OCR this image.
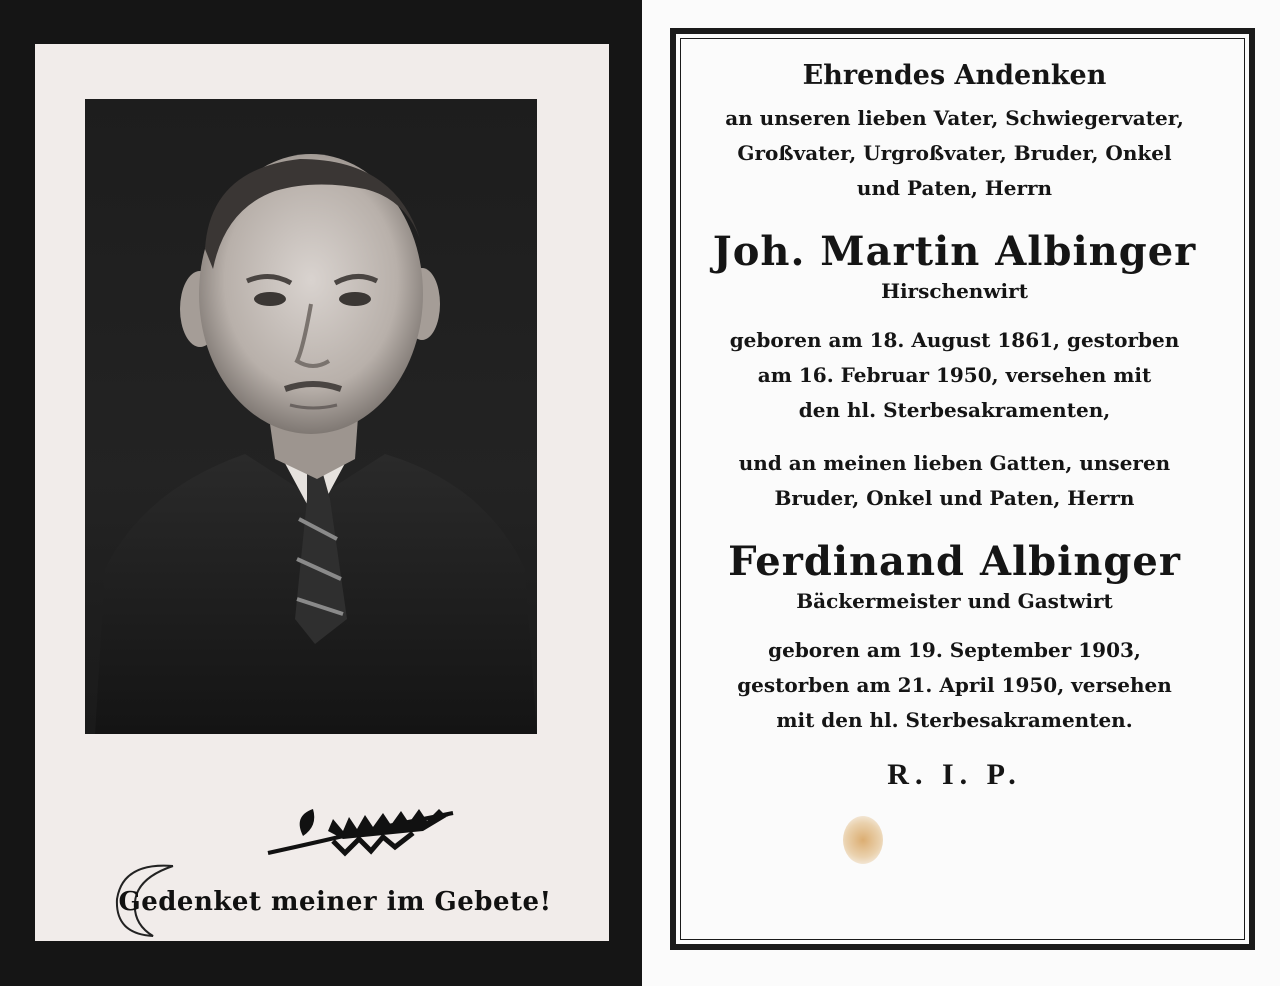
Gedenket meiner im Gebete!
Ehrendes Andenken
an unseren lieben Vater, Schwiegervater,
Großvater, Urgroßvater, Bruder, Onkel
und Paten, Herrn
Joh. Martin Albinger
Hirschenwirt
geboren am 18. August 1861, gestorben
am 16. Februar 1950, versehen mit
den hl. Sterbesakramenten,
und an meinen lieben Gatten, unseren
Bruder, Onkel und Paten, Herrn
Ferdinand Albinger
Bäckermeister und Gastwirt
geboren am 19. September 1903,
gestorben am 21. April 1950, versehen
mit den hl. Sterbesakramenten.
R. I. P.
